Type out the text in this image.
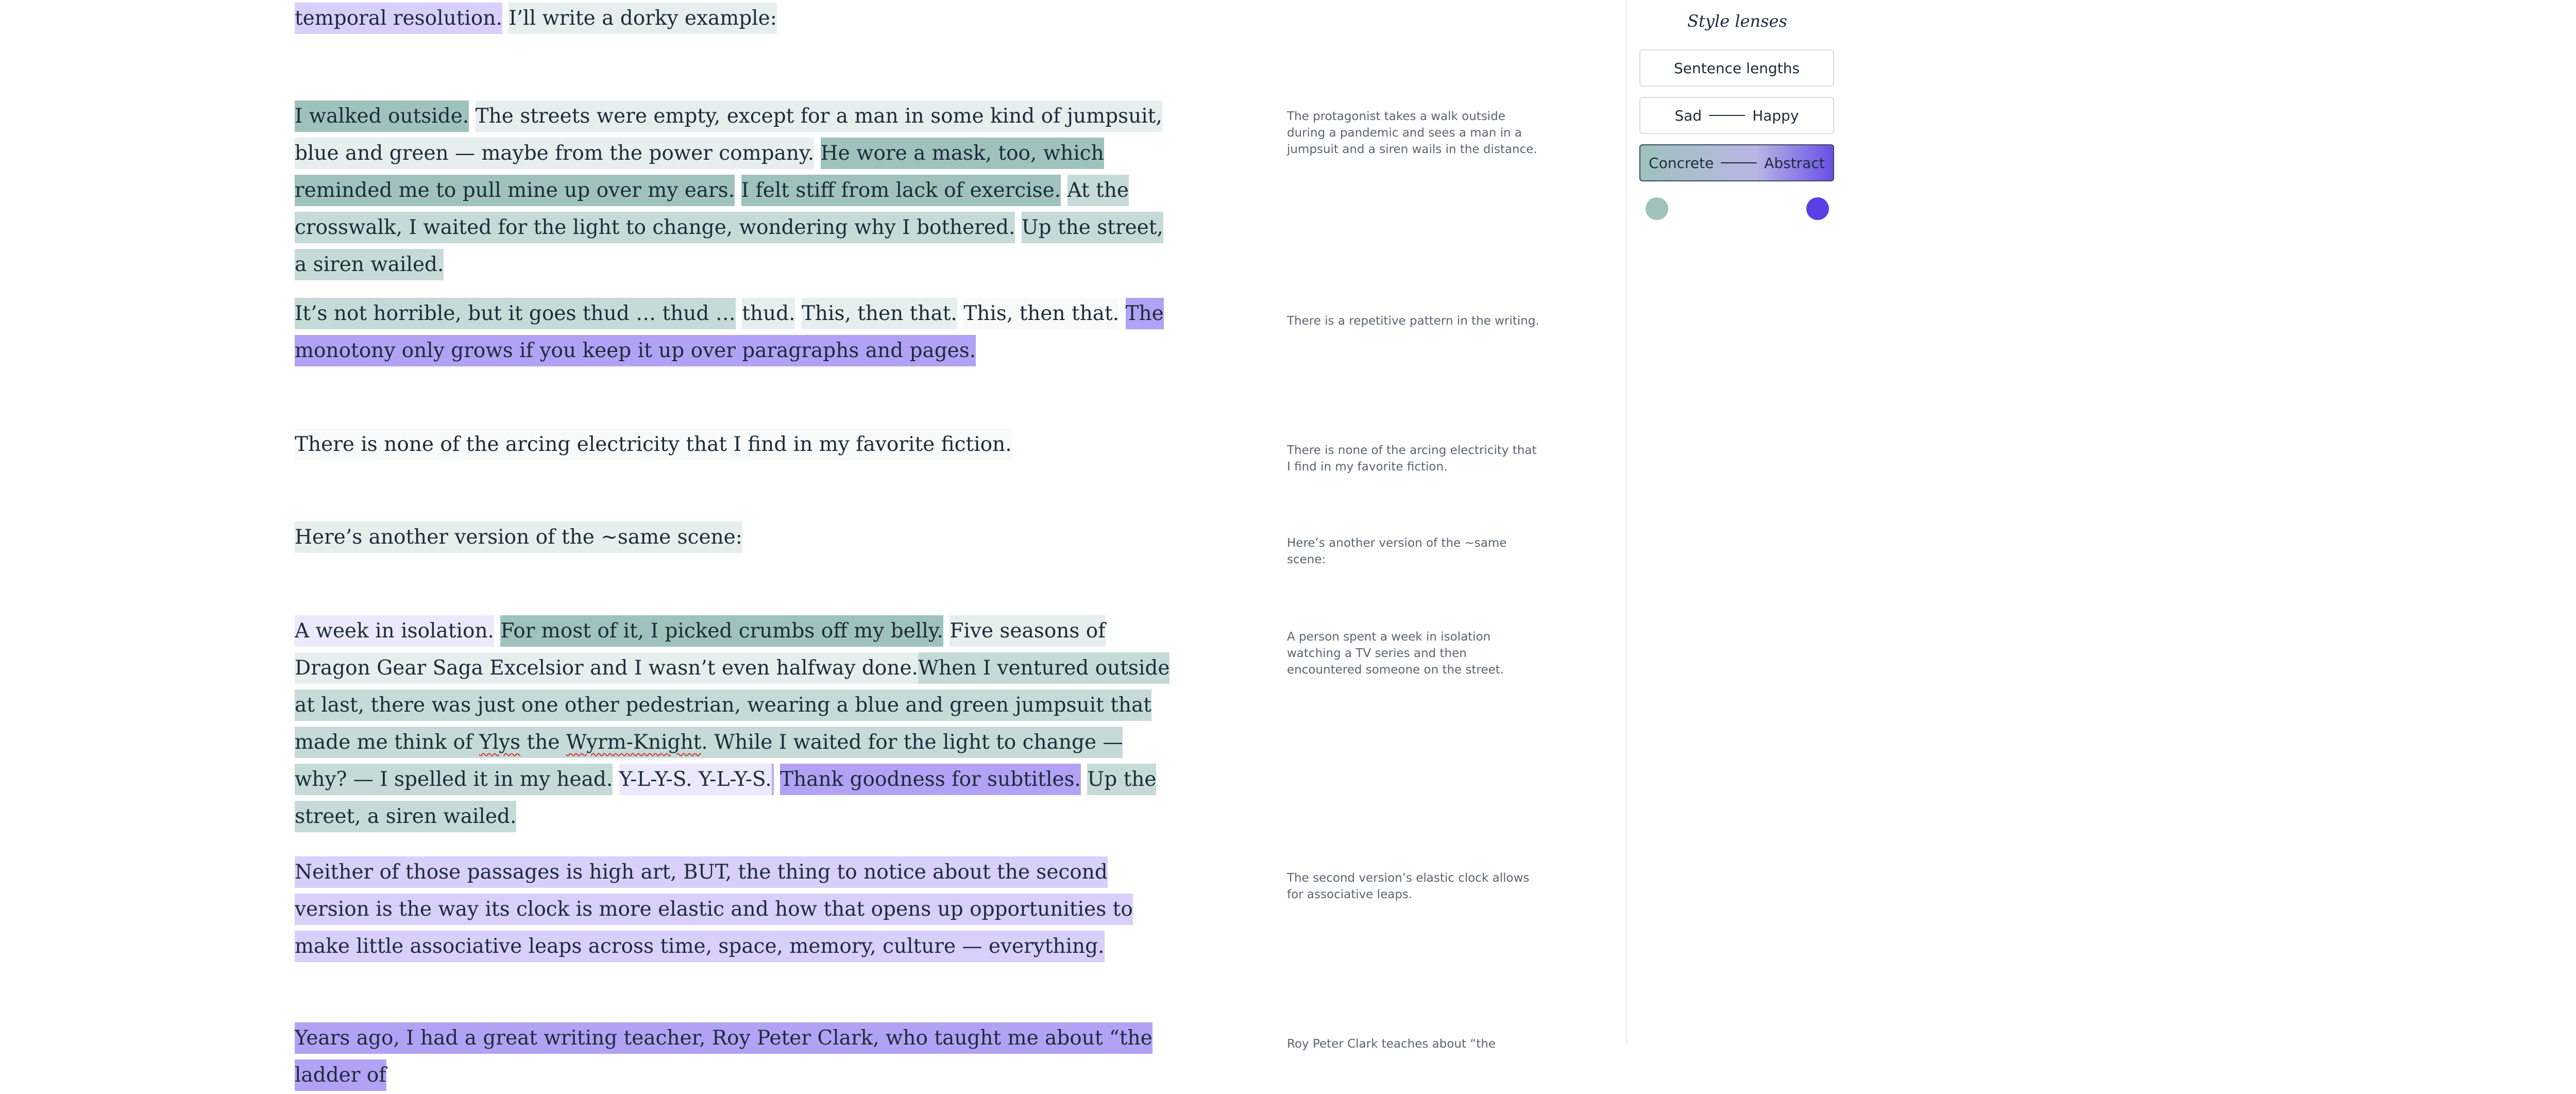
temporal resolution. I’ll write a dorky example:

I walked outside. The streets were empty, except for a man in some kind of jumpsuit, blue and green — maybe from the power company. He wore a mask, too, which reminded me to pull mine up over my ears. I felt stiff from lack of exercise. At the crosswalk, I waited for the light to change, wondering why I bothered. Up the street, a siren wailed.

The protagonist takes a walk outside during a pandemic and sees a man in a jumpsuit and a siren wails in the distance.

It’s not horrible, but it goes thud … thud … thud. This, then that. This, then that. The monotony only grows if you keep it up over paragraphs and pages.

There is a repetitive pattern in the writing.

There is none of the arcing electricity that I find in my favorite fiction.	There is none of the arcing electricity that I find in my favorite fiction.

Here’s another version of the ~same scene:	Here’s another version of the ~same scene:

A week in isolation. For most of it, I picked crumbs off my belly. Five seasons of Dragon Gear Saga Excelsior and I wasn’t even halfway done.When I ventured outside at last, there was just one other pedestrian, wearing a blue and green jumpsuit that made me think of Ylys the Wyrm-Knight. While I waited for the light to change — why? — I spelled it in my head. Y-L-Y-S. Y-L-Y-S. Thank goodness for subtitles. Up the street, a siren wailed.

A person spent a week in isolation watching a TV series and then encountered someone on the street.

Neither of those passages is high art, BUT, the thing to notice about the second version is the way its clock is more elastic and how that opens up opportunities to make little associative leaps across time, space, memory, culture — everything.

The second version’s elastic clock allows for associative leaps.

Years ago, I had a great writing teacher, Roy Peter Clark, who taught me about “the ladder of

Roy Peter Clark teaches about “the

Style lenses
Sentence lengths
Sad	Happy
Concrete	Abstract
